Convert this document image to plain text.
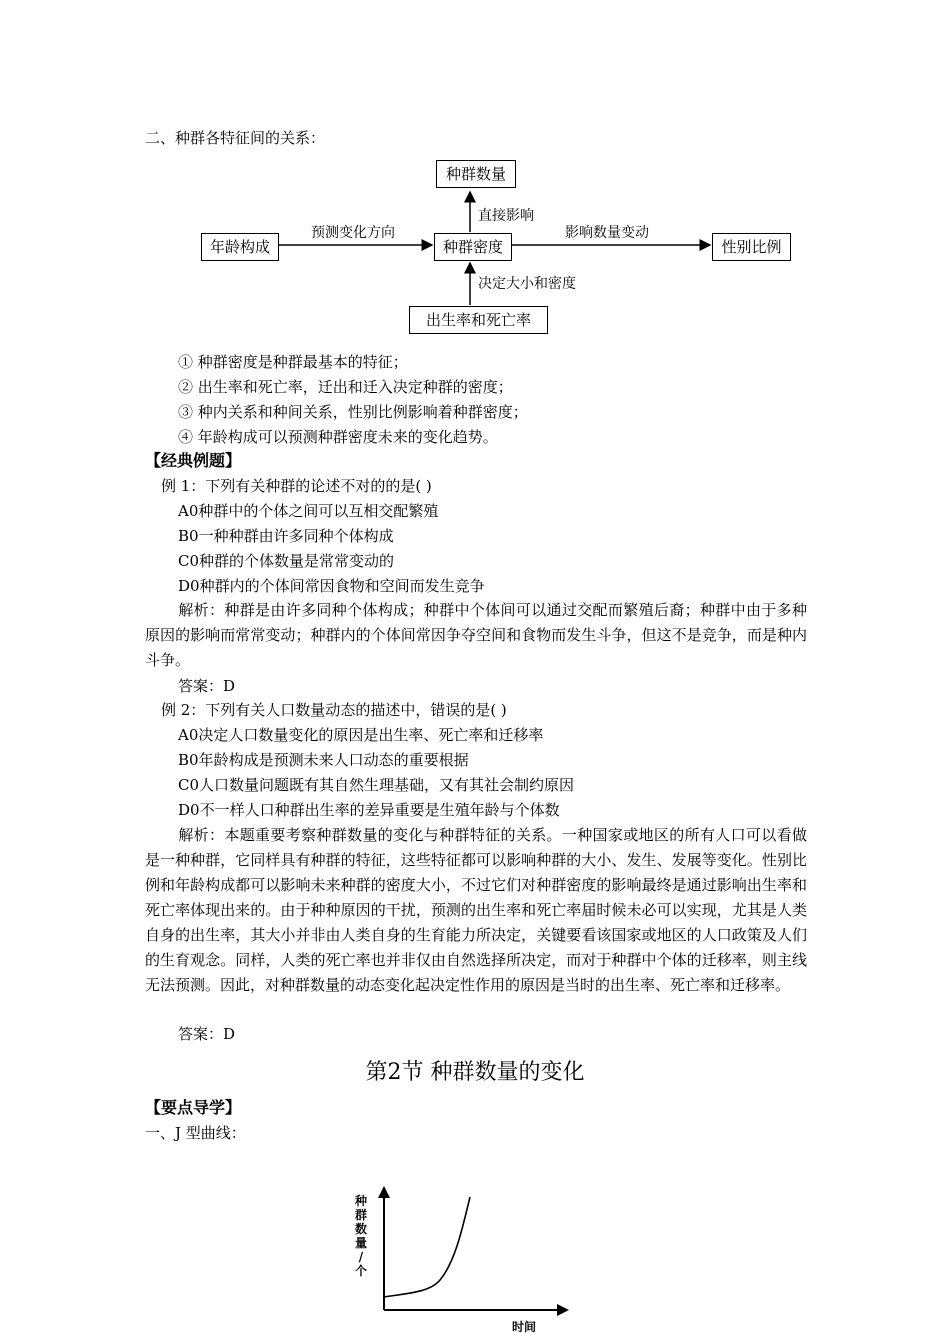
二、种群各特征间的关系：
种群数量
年龄构成	种群密度	性别比例
出生率和死亡率
直接影响
预测变化方向	影响数量变动
决定大小和密度
① 种群密度是种群最基本的特征；
② 出生率和死亡率，迁出和迁入决定种群的密度；
③ 种内关系和种间关系，性别比例影响着种群密度；
④ 年龄构成可以预测种群密度未来的变化趋势。
【经典例题】
例 1：下列有关种群的论述不对的的是( )
A0种群中的个体之间可以互相交配繁殖
B0一种种群由许多同种个体构成
C0种群的个体数量是常常变动的
D0种群内的个体间常因食物和空间而发生竞争
解析：种群是由许多同种个体构成；种群中个体间可以通过交配而繁殖后裔；种群中由于多种原因的影响而常常变动；种群内的个体间常因争夺空间和食物而发生斗争，但这不是竞争，而是种内斗争。
答案：D
例 2：下列有关人口数量动态的描述中，错误的是( )
A0决定人口数量变化的原因是出生率、死亡率和迁移率
B0年龄构成是预测未来人口动态的重要根据
C0人口数量问题既有其自然生理基础，又有其社会制约原因
D0不一样人口种群出生率的差异重要是生殖年龄与个体数
解析：本题重要考察种群数量的变化与种群特征的关系。一种国家或地区的所有人口可以看做是一种种群，它同样具有种群的特征，这些特征都可以影响种群的大小、发生、发展等变化。性别比例和年龄构成都可以影响未来种群的密度大小，不过它们对种群密度的影响最终是通过影响出生率和死亡率体现出来的。由于种种原因的干扰，预测的出生率和死亡率届时候未必可以实现，尤其是人类自身的出生率，其大小并非由人类自身的生育能力所决定，关键要看该国家或地区的人口政策及人们的生育观念。同样，人类的死亡率也并非仅由自然选择所决定，而对于种群中个体的迁移率，则主线无法预测。因此，对种群数量的动态变化起决定性作用的原因是当时的出生率、死亡率和迁移率。
答案：D
第2节 种群数量的变化
【要点导学】
一、J 型曲线：
种
群
数
量
/
个
时间
